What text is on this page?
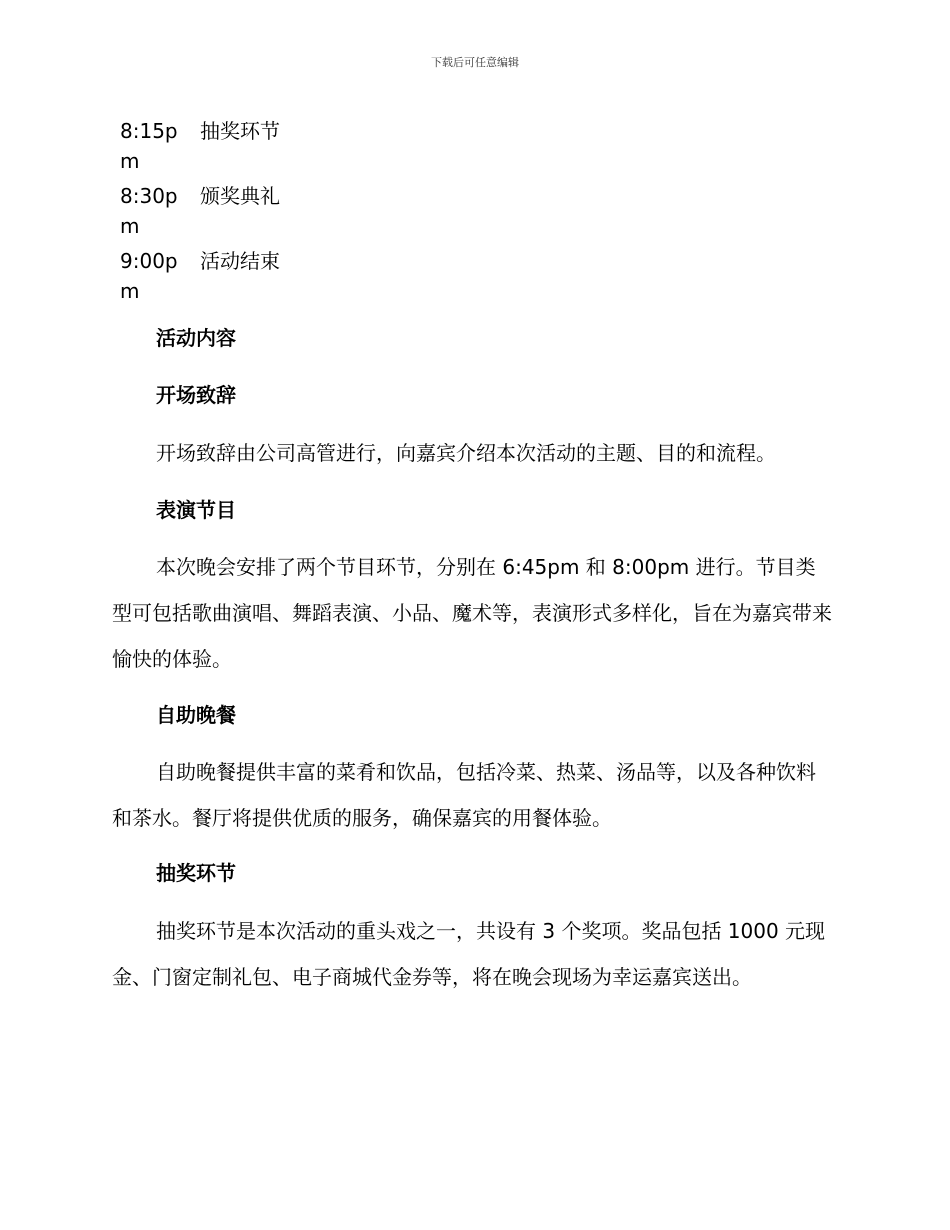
下载后可任意编辑
8:15pm
抽奖环节
8:30pm
颁奖典礼
9:00pm
活动结束
活动内容
开场致辞
开场致辞由公司高管进行，向嘉宾介绍本次活动的主题、目的和流程。
表演节目
本次晚会安排了两个节目环节，分别在 6:45pm 和 8:00pm 进行。节目类型可包括歌曲演唱、舞蹈表演、小品、魔术等，表演形式多样化，旨在为嘉宾带来愉快的体验。
自助晚餐
自助晚餐提供丰富的菜肴和饮品，包括冷菜、热菜、汤品等，以及各种饮料和茶水。餐厅将提供优质的服务，确保嘉宾的用餐体验。
抽奖环节
抽奖环节是本次活动的重头戏之一，共设有 3 个奖项。奖品包括 1000 元现金、门窗定制礼包、电子商城代金券等，将在晚会现场为幸运嘉宾送出。
